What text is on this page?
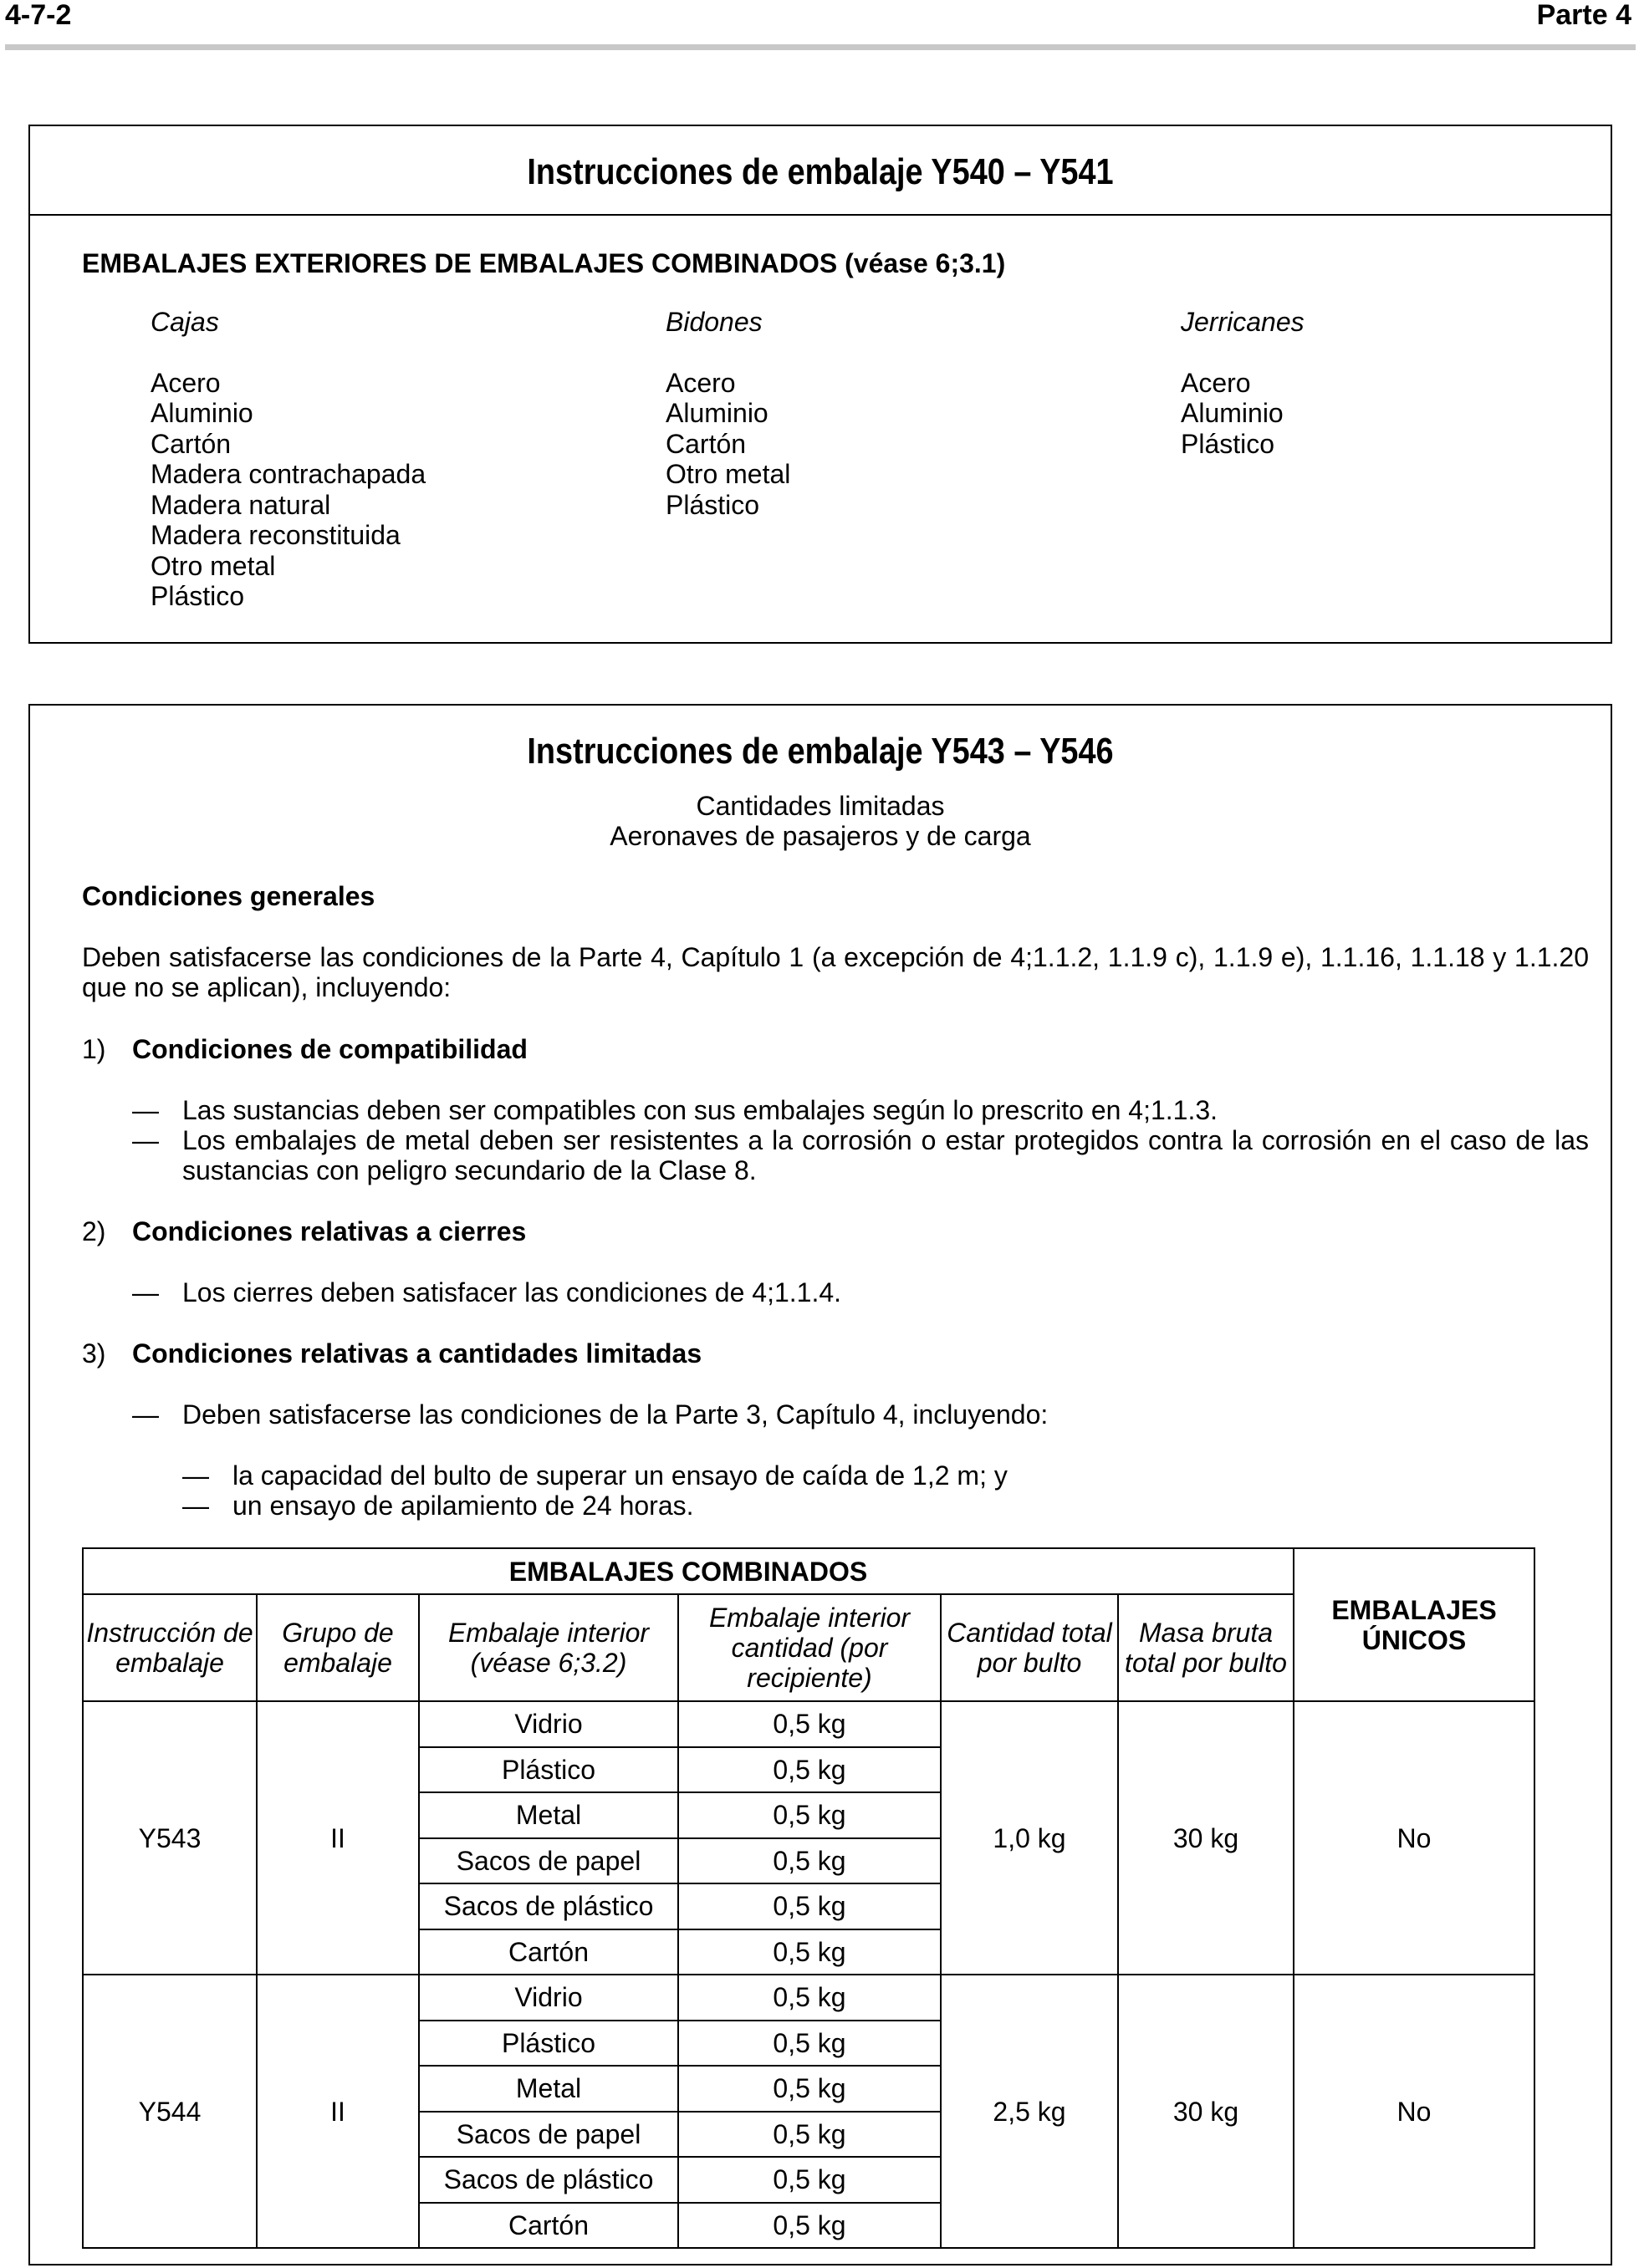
4-7-2	Parte 4
Instrucciones de embalaje Y540 – Y541
EMBALAJES EXTERIORES DE EMBALAJES COMBINADOS (véase 6;3.1)
Cajas
Acero
Aluminio
Cartón
Madera contrachapada
Madera natural
Madera reconstituida
Otro metal
Plástico
Bidones
Acero
Aluminio
Cartón
Otro metal
Plástico
Jerricanes
Acero
Aluminio
Plástico
Instrucciones de embalaje Y543 – Y546
Cantidades limitadas
Aeronaves de pasajeros y de carga
Condiciones generales
Deben satisfacerse las condiciones de la Parte 4, Capítulo 1 (a excepción de 4;1.1.2, 1.1.9 c), 1.1.9 e), 1.1.16, 1.1.18 y 1.1.20 que no se aplican), incluyendo:
1) Condiciones de compatibilidad
— Las sustancias deben ser compatibles con sus embalajes según lo prescrito en 4;1.1.3.
— Los embalajes de metal deben ser resistentes a la corrosión o estar protegidos contra la corrosión en el caso de las sustancias con peligro secundario de la Clase 8.
2) Condiciones relativas a cierres
— Los cierres deben satisfacer las condiciones de 4;1.1.4.
3) Condiciones relativas a cantidades limitadas
— Deben satisfacerse las condiciones de la Parte 3, Capítulo 4, incluyendo:
— la capacidad del bulto de superar un ensayo de caída de 1,2 m; y
— un ensayo de apilamiento de 24 horas.
EMBALAJES COMBINADOS						EMBALAJES ÚNICOS
Instrucción de embalaje	Grupo de embalaje	Embalaje interior (véase 6;3.2)	Embalaje interior cantidad (por recipiente)	Cantidad total por bulto	Masa bruta total por bulto	
Y543	II	Vidrio	0,5 kg	1,0 kg	30 kg	No
		Plástico	0,5 kg			
		Metal	0,5 kg			
		Sacos de papel	0,5 kg			
		Sacos de plástico	0,5 kg			
		Cartón	0,5 kg			
Y544	II	Vidrio	0,5 kg	2,5 kg	30 kg	No
		Plástico	0,5 kg			
		Metal	0,5 kg			
		Sacos de papel	0,5 kg			
		Sacos de plástico	0,5 kg			
		Cartón	0,5 kg			
